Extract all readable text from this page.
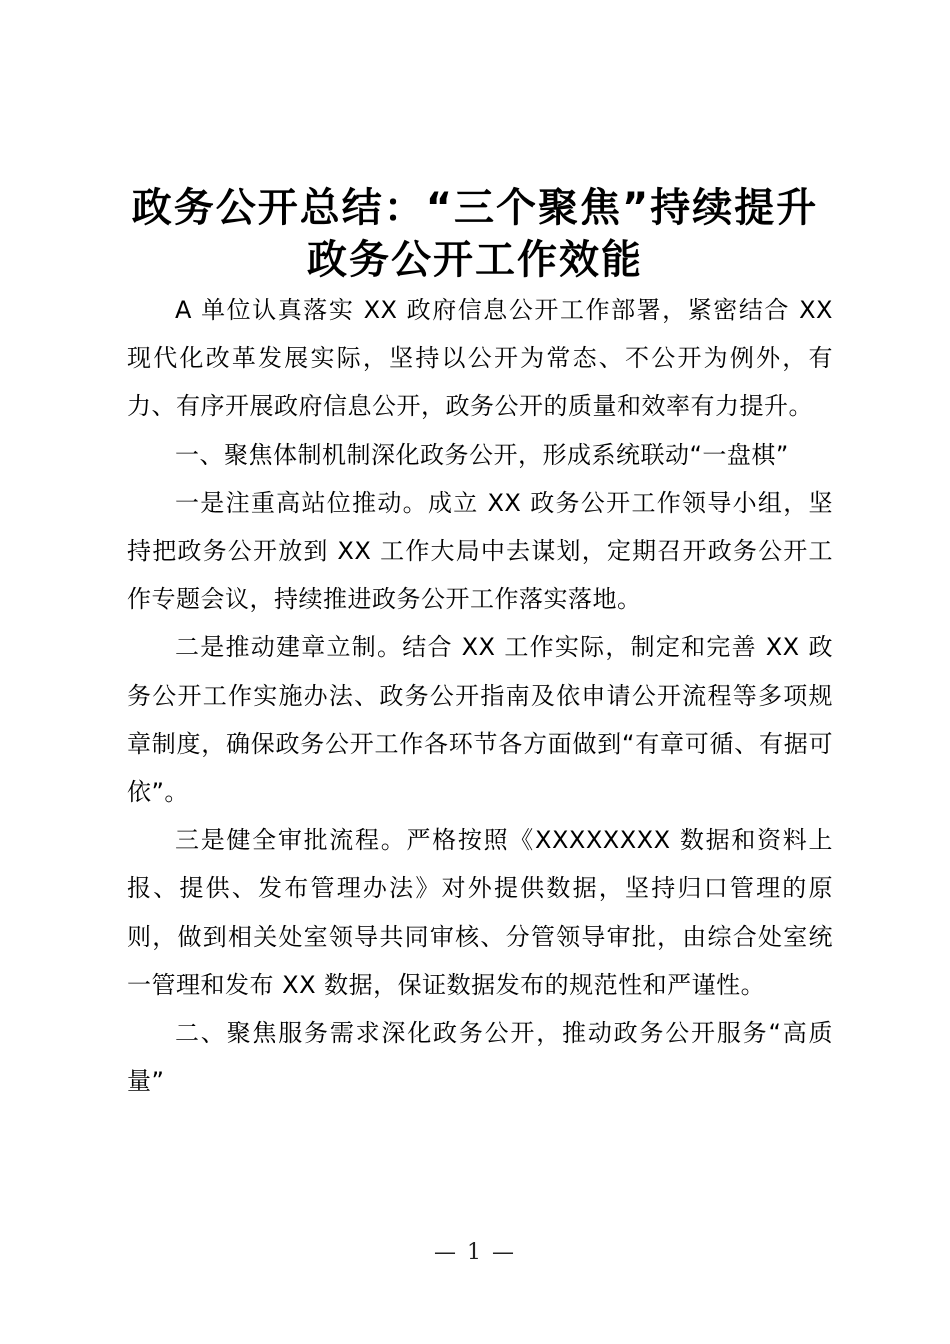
政务公开总结：“三个聚焦”持续提升
政务公开工作效能

A 单位认真落实 XX 政府信息公开工作部署，紧密结合 XX 现代化改革发展实际，坚持以公开为常态、不公开为例外，有力、有序开展政府信息公开，政务公开的质量和效率有力提升。

一、聚焦体制机制深化政务公开，形成系统联动“一盘棋”

一是注重高站位推动。成立 XX 政务公开工作领导小组，坚持把政务公开放到 XX 工作大局中去谋划，定期召开政务公开工作专题会议，持续推进政务公开工作落实落地。

二是推动建章立制。结合 XX 工作实际，制定和完善 XX 政务公开工作实施办法、政务公开指南及依申请公开流程等多项规章制度，确保政务公开工作各环节各方面做到“有章可循、有据可依”。

三是健全审批流程。严格按照《XXXXXXXX 数据和资料上报、提供、发布管理办法》对外提供数据，坚持归口管理的原则，做到相关处室领导共同审核、分管领导审批，由综合处室统一管理和发布 XX 数据，保证数据发布的规范性和严谨性。

二、聚焦服务需求深化政务公开，推动政务公开服务“高质量”

— 1 —
